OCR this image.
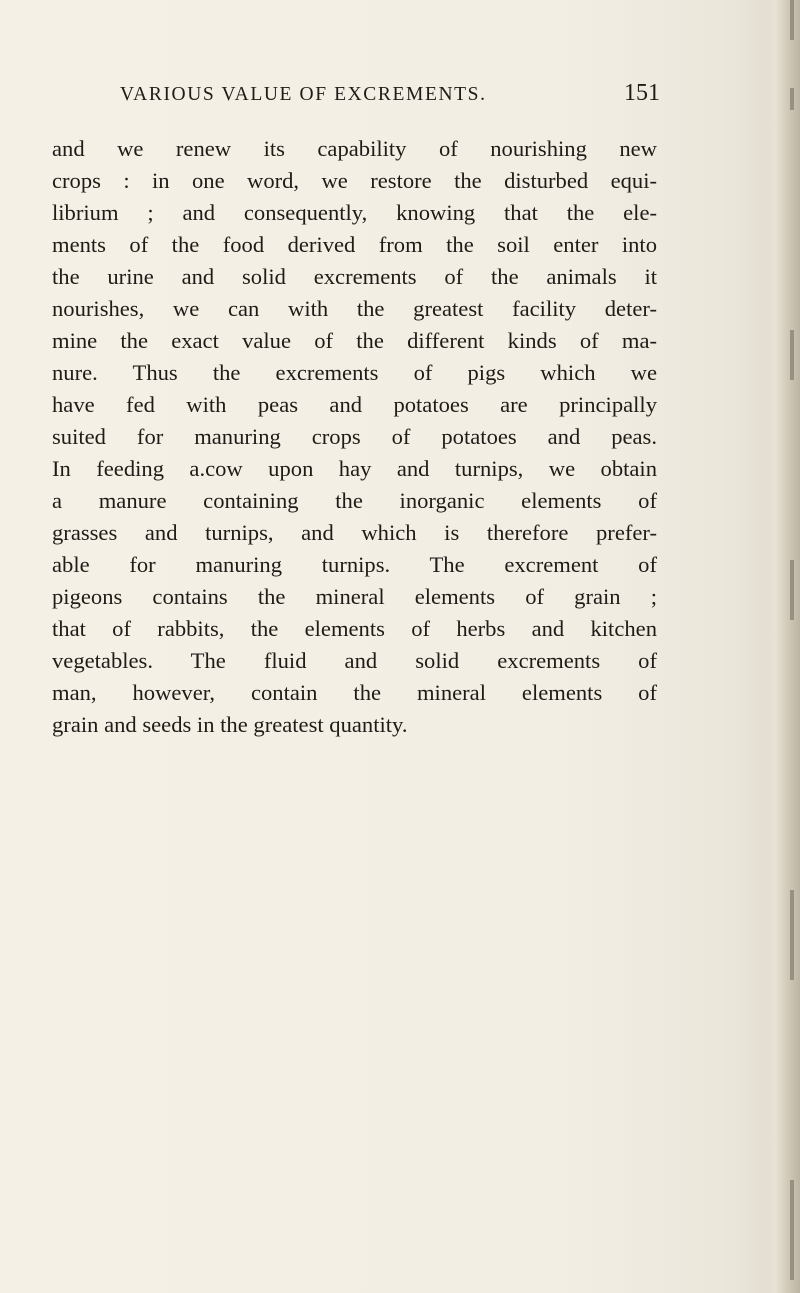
VARIOUS VALUE OF EXCREMENTS.	151
and we renew its capability of nourishing new
crops : in one word, we restore the disturbed equi-
librium ; and consequently, knowing that the ele-
ments of the food derived from the soil enter into
the urine and solid excrements of the animals it
nourishes, we can with the greatest facility deter-
mine the exact value of the different kinds of ma-
nure. Thus the excrements of pigs which we
have fed with peas and potatoes are principally
suited for manuring crops of potatoes and peas.
In feeding a.cow upon hay and turnips, we obtain
a manure containing the inorganic elements of
grasses and turnips, and which is therefore prefer-
able for manuring turnips. The excrement of
pigeons contains the mineral elements of grain ;
that of rabbits, the elements of herbs and kitchen
vegetables. The fluid and solid excrements of
man, however, contain the mineral elements of
grain and seeds in the greatest quantity.
